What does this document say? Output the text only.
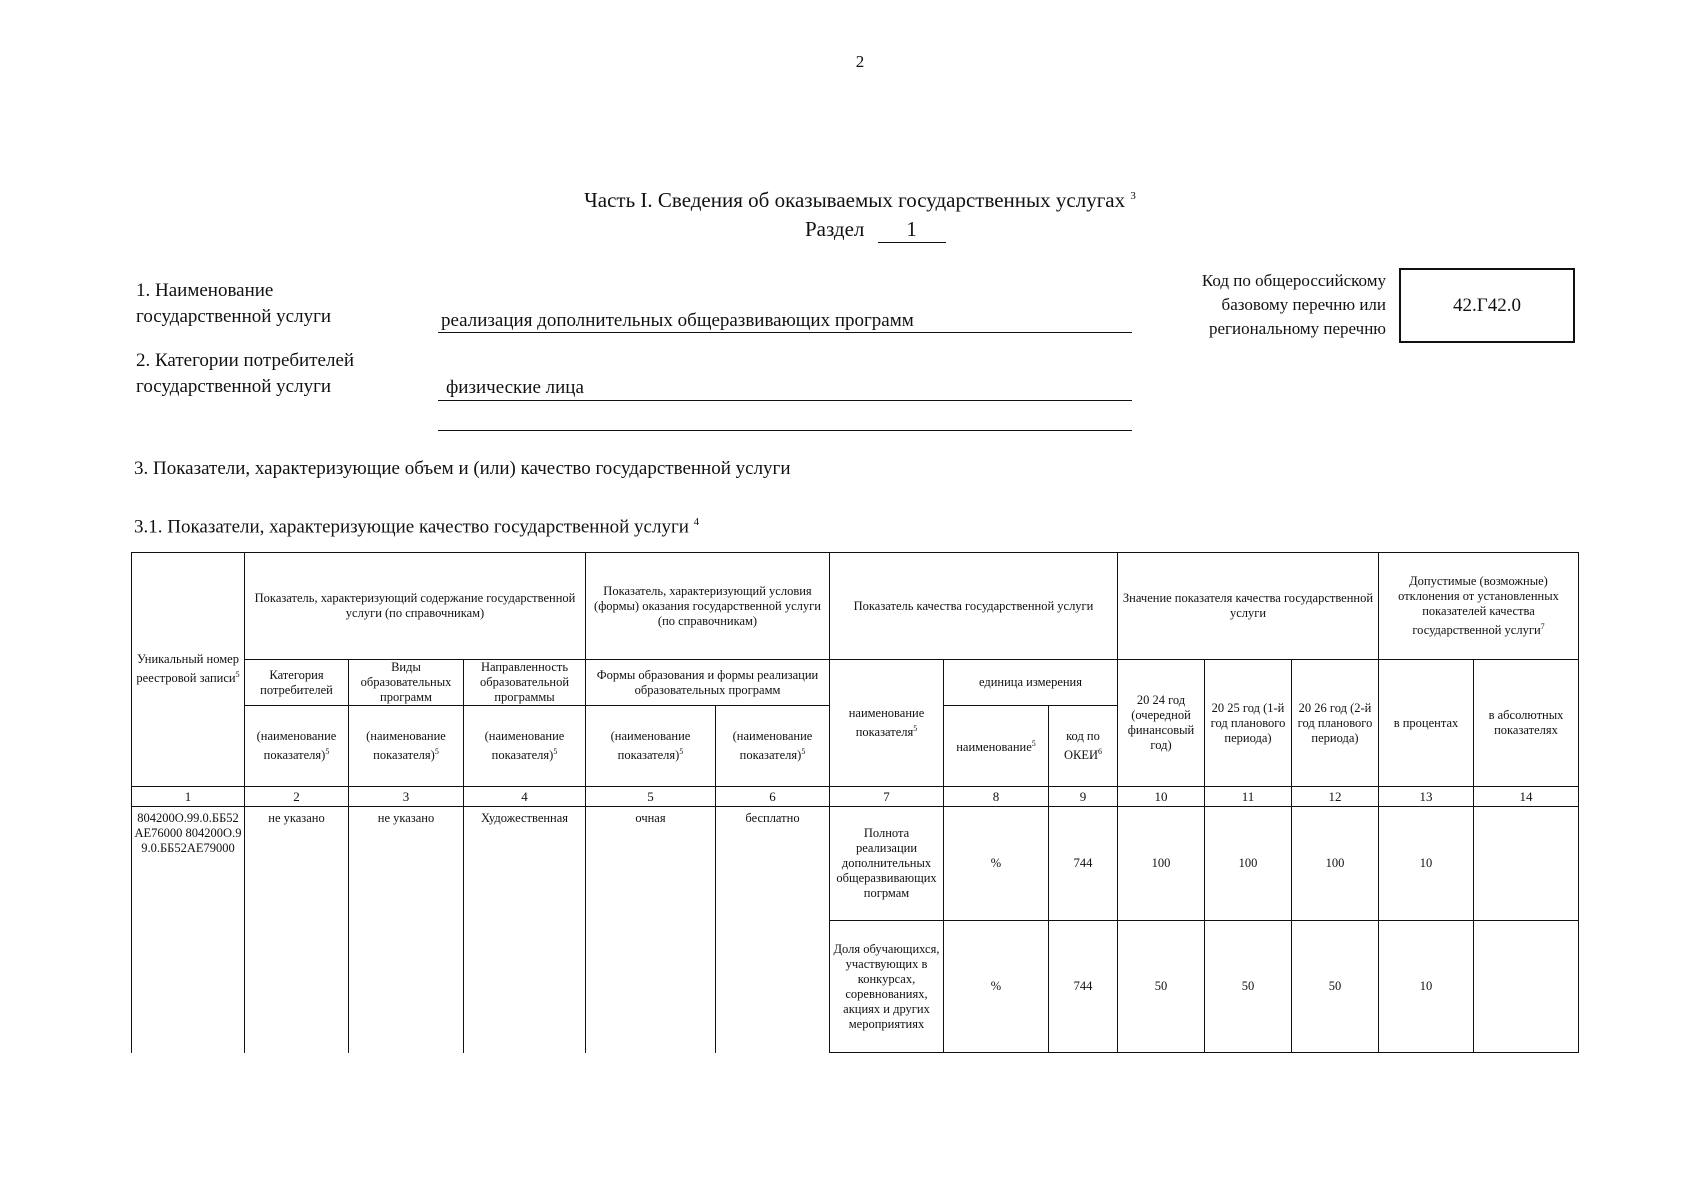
2
Часть I. Сведения об оказываемых государственных услугах $^3$
Раздел 1
1. Наименование
государственной услуги	реализация дополнительных общеразвивающих программ
2. Категории потребителей
государственной услуги	физические лица
Код по общероссийскому
базовому перечню или
региональному перечню
42.Г42.0
3. Показатели, характеризующие объем и (или) качество государственной услуги
3.1. Показатели, характеризующие качество государственной услуги $^4$
Уникальный номер реестровой записи$^5$	Показатель, характеризующий содержание государственной услуги (по справочникам)			Показатель, характеризующий условия (формы) оказания государственной услуги (по справочникам)		Показатель качества государственной услуги			Значение показателя качества государственной услуги			Допустимые (возможные) отклонения от установленных показателей качества государственной услуги$^7$
	Категория потребителей	Виды образовательных программ	Направленность образовательной программы	Формы образования и формы реализации образовательных программ		наименование показателя$^5$	единица измерения		20 24 год (очередной финансовый год)	20 25 год (1-й год планового периода)	20 26 год (2-й год планового периода)	в процентах	в абсолютных показателях
	(наименование показателя)$^5$	(наименование показателя)$^5$	(наименование показателя)$^5$	(наименование показателя)$^5$	(наименование показателя)$^5$		наименование$^5$	код по ОКЕИ$^6$
1	2	3	4	5	6	7	8	9	10	11	12	13	14
804200О.99.0.ББ52АЕ76000 804200О.99.0.ББ52АЕ79000	не указано	не указано	Художественная	очная	бесплатно	Полнота реализации дополнительных общеразвивающих погрмам	%	744	100	100	100	10	
						Доля обучающихся, участвующих в конкурсах, соревнованиях, акциях и других мероприятиях	%	744	50	50	50	10	
